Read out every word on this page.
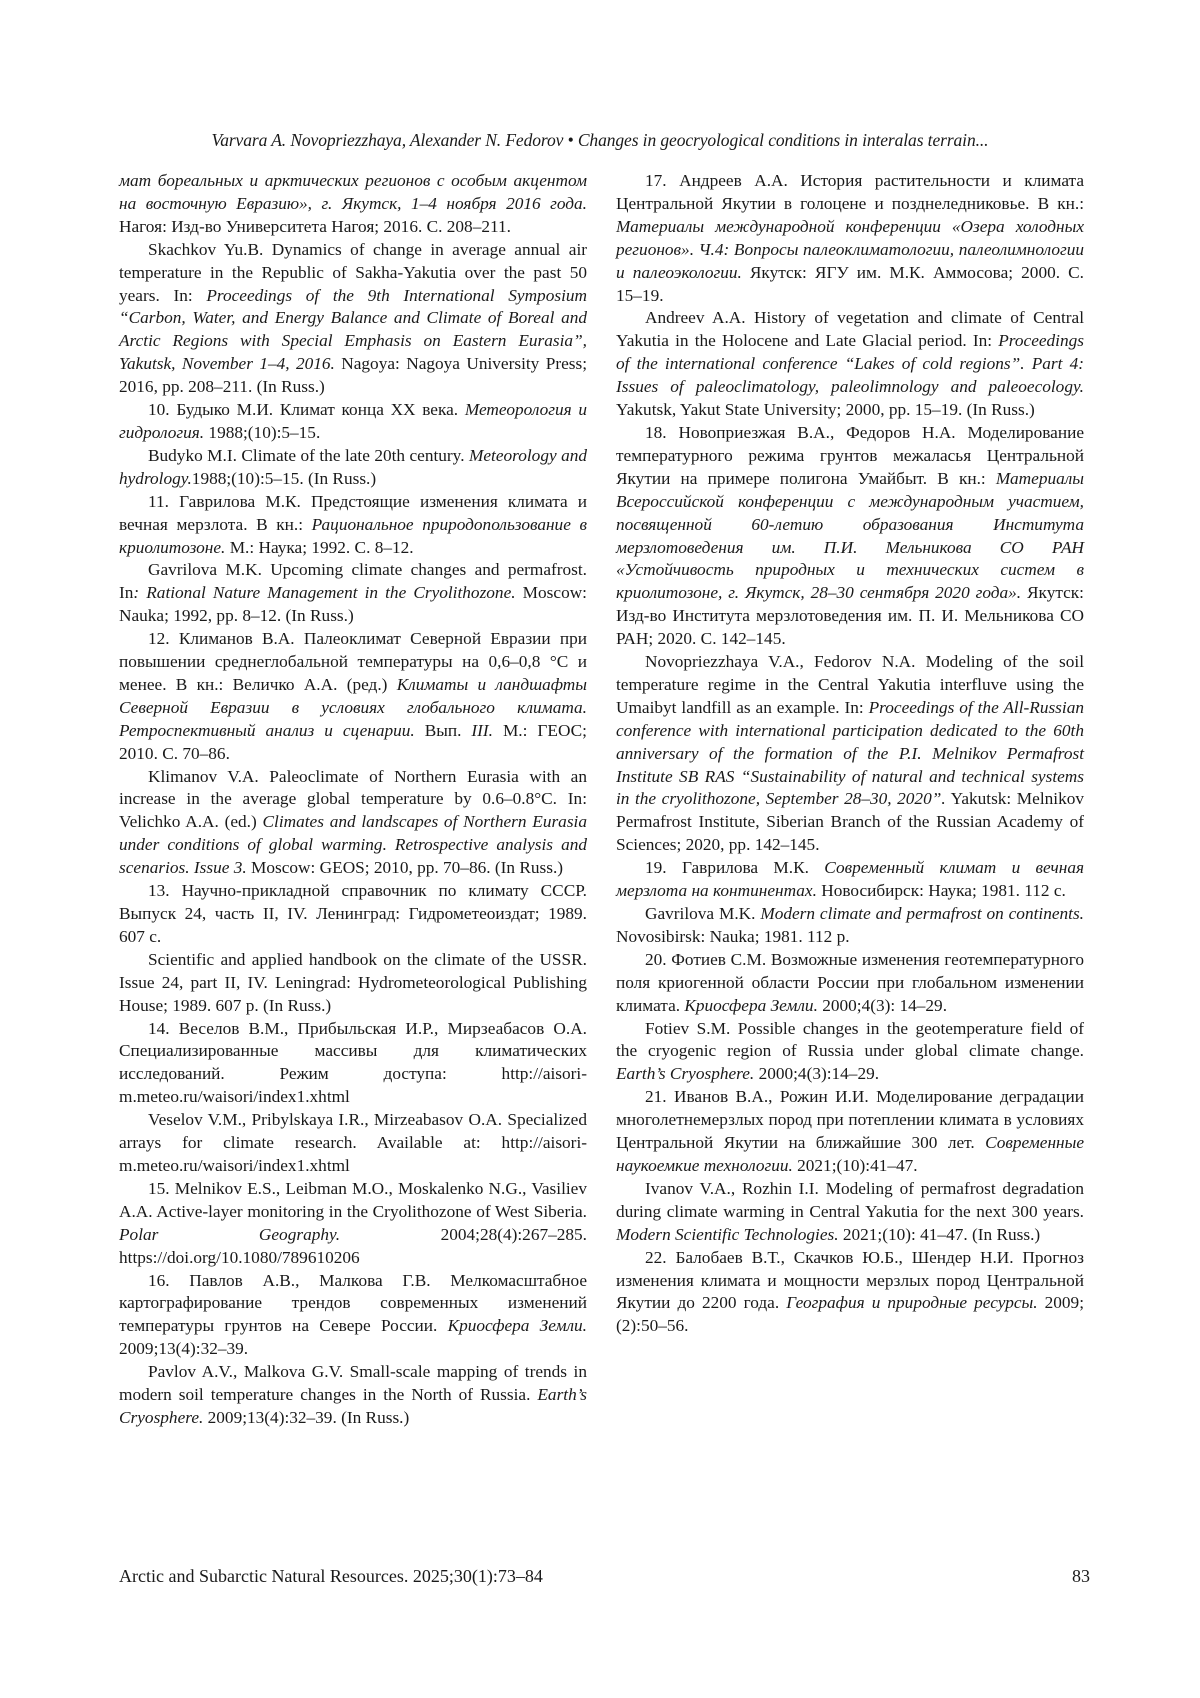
Varvara A. Novopriezzhaya, Alexander N. Fedorov • Changes in geocryological conditions in interalas terrain...

мат бореальных и арктических регионов с особым акцентом на восточную Евразию», г. Якутск, 1–4 ноября 2016 года. Нагоя: Изд-во Университета Нагоя; 2016. С. 208–211.

Skachkov Yu.B. Dynamics of change in average annual air temperature in the Republic of Sakha-Yakutia over the past 50 years. In: Proceedings of the 9th International Symposium “Carbon, Water, and Energy Balance and Climate of Boreal and Arctic Regions with Special Emphasis on Eastern Eurasia”, Yakutsk, November 1–4, 2016. Nagoya: Nagoya University Press; 2016, pp. 208–211. (In Russ.)

10. Будыко М.И. Климат конца XX века. Метеорология и гидрология. 1988;(10):5–15.

Budyko M.I. Climate of the late 20th century. Meteorology and hydrology.1988;(10):5–15. (In Russ.)

11. Гаврилова М.К. Предстоящие изменения климата и вечная мерзлота. В кн.: Рациональное природопользование в криолитозоне. М.: Наука; 1992. С. 8–12.

Gavrilova M.K. Upcoming climate changes and permafrost. In: Rational Nature Management in the Cryolithozone. Moscow: Nauka; 1992, pp. 8–12. (In Russ.)

12. Климанов В.А. Палеоклимат Северной Евразии при повышении среднеглобальной температуры на 0,6–0,8 °С и менее. В кн.: Величко А.А. (ред.) Климаты и ландшафты Северной Евразии в условиях глобального климата. Ретроспективный анализ и сценарии. Вып. III. М.: ГЕОС; 2010. С. 70–86.

Klimanov V.A. Paleoclimate of Northern Eurasia with an increase in the average global temperature by 0.6–0.8°C. In: Velichko A.A. (ed.) Climates and landscapes of Northern Eurasia under conditions of global warming. Retrospective analysis and scenarios. Issue 3. Moscow: GEOS; 2010, pp. 70–86. (In Russ.)

13. Научно-прикладной справочник по климату СССР. Выпуск 24, часть II, IV. Ленинград: Гидрометеоиздат; 1989. 607 с.

Scientific and applied handbook on the climate of the USSR. Issue 24, part II, IV. Leningrad: Hydrometeorological Publishing House; 1989. 607 p. (In Russ.)

14. Веселов В.М., Прибыльская И.Р., Мирзеабасов О.А. Специализированные массивы для климатических исследований. Режим доступа: http://aisori-m.meteo.ru/waisori/index1.xhtml

Veselov V.M., Pribylskaya I.R., Mirzeabasov O.A. Specialized arrays for climate research. Available at: http://aisori-m.meteo.ru/waisori/index1.xhtml

15. Melnikov E.S., Leibman M.O., Moskalenko N.G., Vasiliev A.A. Active-layer monitoring in the Cryolithozone of West Siberia. Polar Geography. 2004;28(4):267–285. https://doi.org/10.1080/789610206

16. Павлов А.В., Малкова Г.В. Мелкомасштабное картографирование трендов современных изменений температуры грунтов на Севере России. Криосфера Земли. 2009;13(4):32–39.

Pavlov A.V., Malkova G.V. Small-scale mapping of trends in modern soil temperature changes in the North of Russia. Earth’s Cryosphere. 2009;13(4):32–39. (In Russ.)

17. Андреев А.А. История растительности и климата Центральной Якутии в голоцене и позднеледниковье. В кн.: Материалы международной конференции «Озера холодных регионов». Ч.4: Вопросы палеоклиматологии, палеолимнологии и палеоэкологии. Якутск: ЯГУ им. М.К. Аммосова; 2000. С. 15–19.

Andreev A.A. History of vegetation and climate of Central Yakutia in the Holocene and Late Glacial period. In: Proceedings of the international conference “Lakes of cold regions”. Part 4: Issues of paleoclimatology, paleolimnology and paleoecology. Yakutsk, Yakut State University; 2000, pp. 15–19. (In Russ.)

18. Новоприезжая В.А., Федоров Н.А. Моделирование температурного режима грунтов межаласья Центральной Якутии на примере полигона Умайбыт. В кн.: Материалы Всероссийской конференции с международным участием, посвященной 60-летию образования Института мерзлотоведения им. П.И. Мельникова СО РАН «Устойчивость природных и технических систем в криолитозоне, г. Якутск, 28–30 сентября 2020 года». Якутск: Изд-во Института мерзлотоведения им. П. И. Мельникова СО РАН; 2020. С. 142–145.

Novopriezzhaya V.A., Fedorov N.A. Modeling of the soil temperature regime in the Central Yakutia interfluve using the Umaibyt landfill as an example. In: Proceedings of the All-Russian conference with international participation dedicated to the 60th anniversary of the formation of the P.I. Melnikov Permafrost Institute SB RAS “Sustainability of natural and technical systems in the cryolithozone, September 28–30, 2020”. Yakutsk: Melnikov Permafrost Institute, Siberian Branch of the Russian Academy of Sciences; 2020, pp. 142–145.

19. Гаврилова М.К. Современный климат и вечная мерзлота на континентах. Новосибирск: Наука; 1981. 112 с.

Gavrilova M.K. Modern climate and permafrost on continents. Novosibirsk: Nauka; 1981. 112 p.

20. Фотиев С.М. Возможные изменения геотемпературного поля криогенной области России при глобальном изменении климата. Криосфера Земли. 2000;4(3): 14–29.

Fotiev S.M. Possible changes in the geotemperature field of the cryogenic region of Russia under global climate change. Earth’s Cryosphere. 2000;4(3):14–29.

21. Иванов В.А., Рожин И.И. Моделирование деградации многолетнемерзлых пород при потеплении климата в условиях Центральной Якутии на ближайшие 300 лет. Современные наукоемкие технологии. 2021;(10):41–47.

Ivanov V.A., Rozhin I.I. Modeling of permafrost degradation during climate warming in Central Yakutia for the next 300 years. Modern Scientific Technologies. 2021;(10): 41–47. (In Russ.)

22. Балобаев В.Т., Скачков Ю.Б., Шендер Н.И. Прогноз изменения климата и мощности мерзлых пород Центральной Якутии до 2200 года. География и природные ресурсы. 2009;(2):50–56.

Arctic and Subarctic Natural Resources. 2025;30(1):73–84	83
